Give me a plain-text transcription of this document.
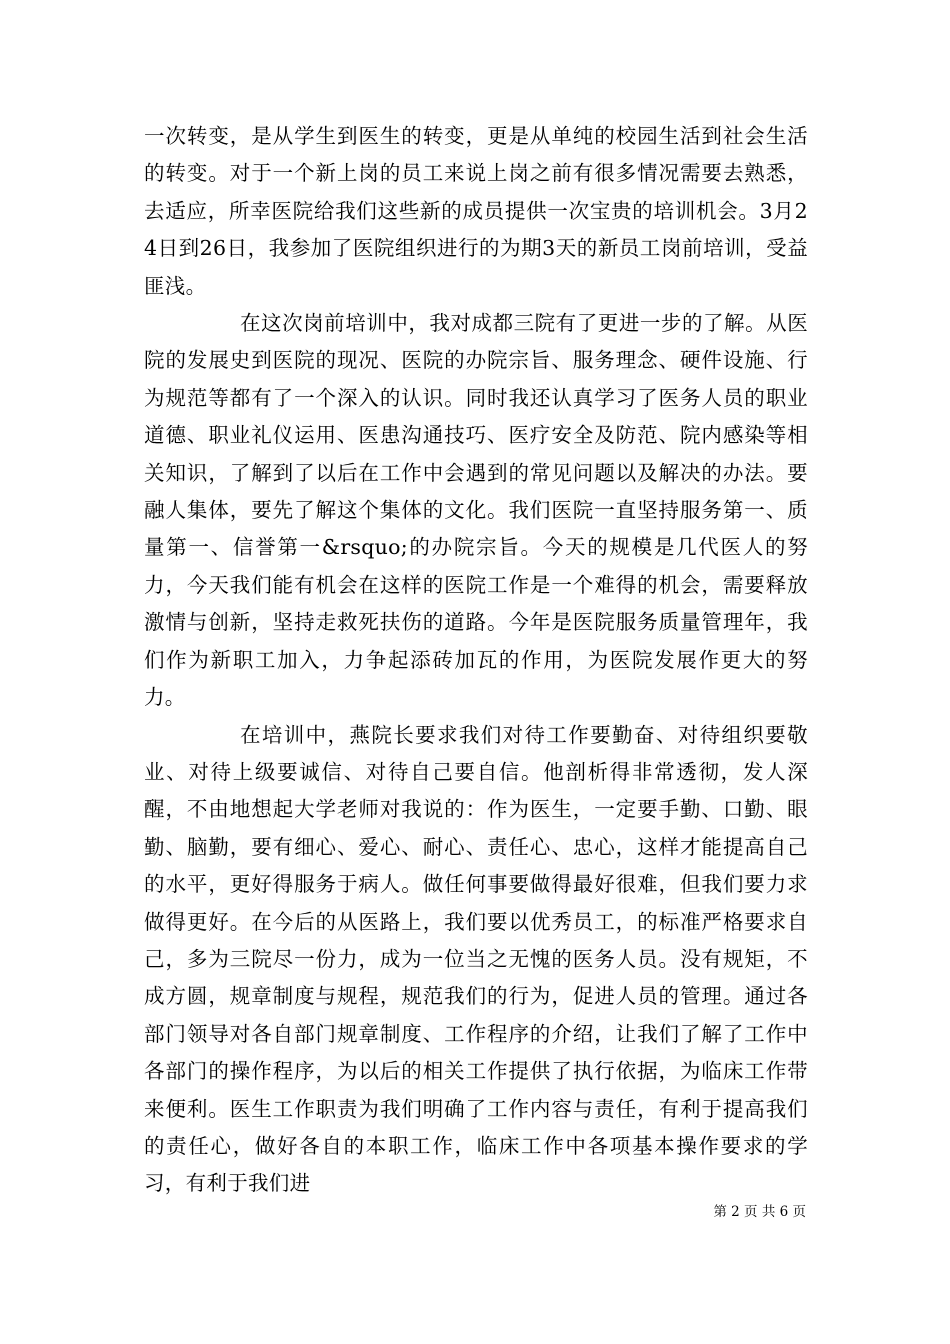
一次转变，是从学生到医生的转变，更是从单纯的校园生活到社会生活的转变。对于一个新上岗的员工来说上岗之前有很多情况需要去熟悉，去适应，所幸医院给我们这些新的成员提供一次宝贵的培训机会。3月24日到26日，我参加了医院组织进行的为期3天的新员工岗前培训，受益匪浅。

在这次岗前培训中，我对成都三院有了更进一步的了解。从医院的发展史到医院的现况、医院的办院宗旨、服务理念、硬件设施、行为规范等都有了一个深入的认识。同时我还认真学习了医务人员的职业道德、职业礼仪运用、医患沟通技巧、医疗安全及防范、院内感染等相关知识，了解到了以后在工作中会遇到的常见问题以及解决的办法。要融人集体，要先了解这个集体的文化。我们医院一直坚持服务第一、质量第一、信誉第一&rsquo;的办院宗旨。今天的规模是几代医人的努力，今天我们能有机会在这样的医院工作是一个难得的机会，需要释放激情与创新，坚持走救死扶伤的道路。今年是医院服务质量管理年，我们作为新职工加入，力争起添砖加瓦的作用，为医院发展作更大的努力。

在培训中，燕院长要求我们对待工作要勤奋、对待组织要敬业、对待上级要诚信、对待自己要自信。他剖析得非常透彻，发人深醒，不由地想起大学老师对我说的：作为医生，一定要手勤、口勤、眼勤、脑勤，要有细心、爱心、耐心、责任心、忠心，这样才能提高自己的水平，更好得服务于病人。做任何事要做得最好很难，但我们要力求做得更好。在今后的从医路上，我们要以优秀员工，的标准严格要求自己，多为三院尽一份力，成为一位当之无愧的医务人员。没有规矩，不成方圆，规章制度与规程，规范我们的行为，促进人员的管理。通过各部门领导对各自部门规章制度、工作程序的介绍，让我们了解了工作中各部门的操作程序，为以后的相关工作提供了执行依据，为临床工作带来便利。医生工作职责为我们明确了工作内容与责任，有利于提高我们的责任心，做好各自的本职工作，临床工作中各项基本操作要求的学习，有利于我们进

第 2 页 共 6 页
